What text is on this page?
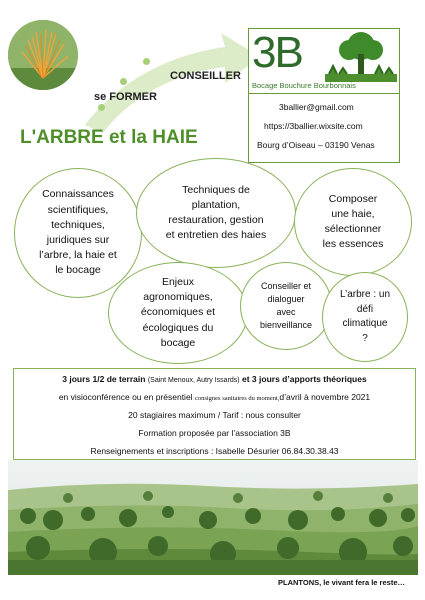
CONSEILLER
se FORMER
L'ARBRE et la HAIE
3B
Bocage Bouchure Bourbonnais
3ballier@gmail.com
https://3ballier.wixsite.com
Bourg d’Oiseau – 03190 Venas
Connaissances
scientifiques,
techniques,
juridiques sur
l’arbre, la haie et
le bocage
Techniques de
plantation,
restauration, gestion
et entretien des haies
Composer
une haie,
sélectionner
les essences
Enjeux
agronomiques,
économiques et
écologiques du
bocage
Conseiller et
dialoguer
avec
bienveillance
L’arbre : un
défi
climatique
?
3 jours 1/2 de terrain (Saint Menoux, Autry Issards) et 3 jours d’apports théoriques
en visioconférence ou en présentiel consignes sanitaires du moment,d’avril à novembre 2021
20 stagiaires maximum / Tarif : nous consulter
Formation proposée par l’association 3B
Renseignements et inscriptions : Isabelle Désurier 06.84.30.38.43
PLANTONS, le vivant fera le reste…
